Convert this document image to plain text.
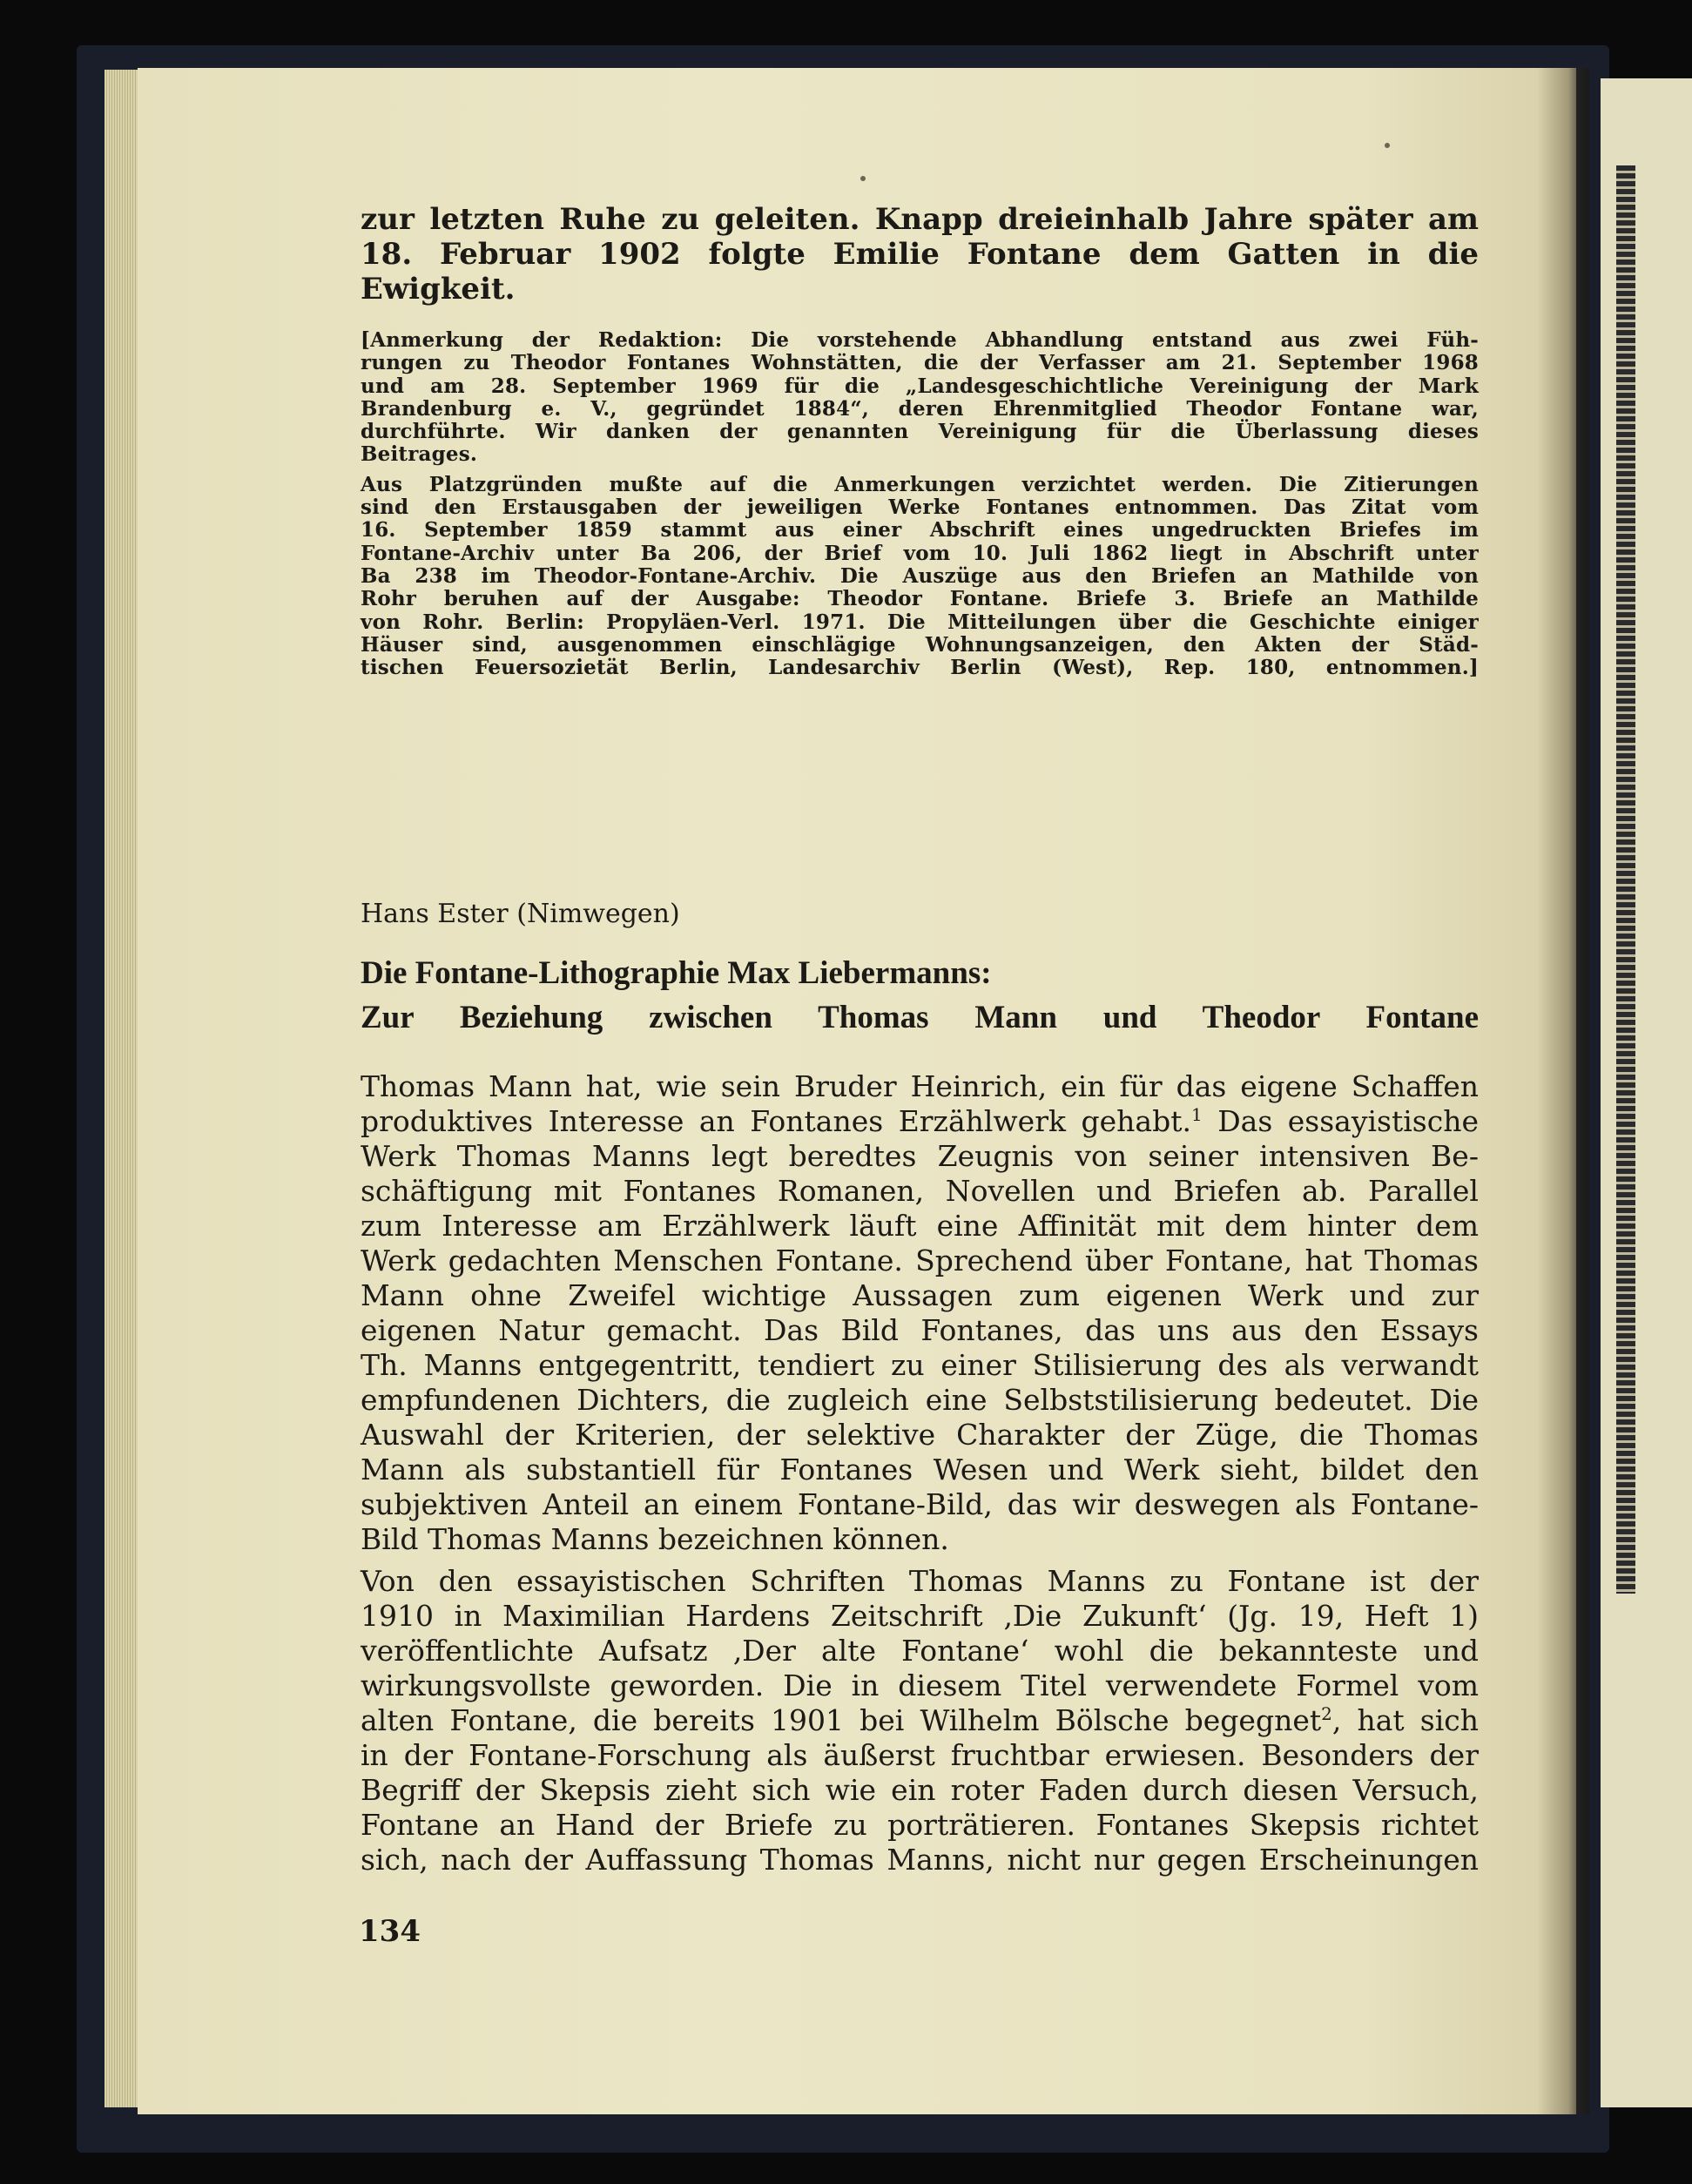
zur letzten Ruhe zu geleiten. Knapp dreieinhalb Jahre später am
18. Februar 1902 folgte Emilie Fontane dem Gatten in die Ewigkeit.
[Anmerkung der Redaktion: Die vorstehende Abhandlung entstand aus zwei Füh-
rungen zu Theodor Fontanes Wohnstätten, die der Verfasser am 21. September 1968
und am 28. September 1969 für die „Landesgeschichtliche Vereinigung der Mark
Brandenburg e. V., gegründet 1884“, deren Ehrenmitglied Theodor Fontane war,
durchführte. Wir danken der genannten Vereinigung für die Überlassung dieses
Beitrages.
Aus Platzgründen mußte auf die Anmerkungen verzichtet werden. Die Zitierungen
sind den Erstausgaben der jeweiligen Werke Fontanes entnommen. Das Zitat vom
16. September 1859 stammt aus einer Abschrift eines ungedruckten Briefes im
Fontane-Archiv unter Ba 206, der Brief vom 10. Juli 1862 liegt in Abschrift unter
Ba 238 im Theodor-Fontane-Archiv. Die Auszüge aus den Briefen an Mathilde von
Rohr beruhen auf der Ausgabe: Theodor Fontane. Briefe 3. Briefe an Mathilde
von Rohr. Berlin: Propyläen-Verl. 1971. Die Mitteilungen über die Geschichte einiger
Häuser sind, ausgenommen einschlägige Wohnungsanzeigen, den Akten der Städ-
tischen Feuersozietät Berlin, Landesarchiv Berlin (West), Rep. 180, entnommen.]
Hans Ester (Nimwegen)
Die Fontane-Lithographie Max Liebermanns:
Zur Beziehung zwischen Thomas Mann und Theodor Fontane
Thomas Mann hat, wie sein Bruder Heinrich, ein für das eigene Schaffen
produktives Interesse an Fontanes Erzählwerk gehabt.$^1$ Das essayistische
Werk Thomas Manns legt beredtes Zeugnis von seiner intensiven Be-
schäftigung mit Fontanes Romanen, Novellen und Briefen ab. Parallel
zum Interesse am Erzählwerk läuft eine Affinität mit dem hinter dem
Werk gedachten Menschen Fontane. Sprechend über Fontane, hat Thomas
Mann ohne Zweifel wichtige Aussagen zum eigenen Werk und zur
eigenen Natur gemacht. Das Bild Fontanes, das uns aus den Essays
Th. Manns entgegentritt, tendiert zu einer Stilisierung des als verwandt
empfundenen Dichters, die zugleich eine Selbststilisierung bedeutet. Die
Auswahl der Kriterien, der selektive Charakter der Züge, die Thomas
Mann als substantiell für Fontanes Wesen und Werk sieht, bildet den
subjektiven Anteil an einem Fontane-Bild, das wir deswegen als Fontane-
Bild Thomas Manns bezeichnen können.
Von den essayistischen Schriften Thomas Manns zu Fontane ist der
1910 in Maximilian Hardens Zeitschrift ‚Die Zukunft‘ (Jg. 19, Heft 1)
veröffentlichte Aufsatz ‚Der alte Fontane‘ wohl die bekannteste und
wirkungsvollste geworden. Die in diesem Titel verwendete Formel vom
alten Fontane, die bereits 1901 bei Wilhelm Bölsche begegnet$^2$, hat sich
in der Fontane-Forschung als äußerst fruchtbar erwiesen. Besonders der
Begriff der Skepsis zieht sich wie ein roter Faden durch diesen Versuch,
Fontane an Hand der Briefe zu porträtieren. Fontanes Skepsis richtet
sich, nach der Auffassung Thomas Manns, nicht nur gegen Erscheinungen
134
